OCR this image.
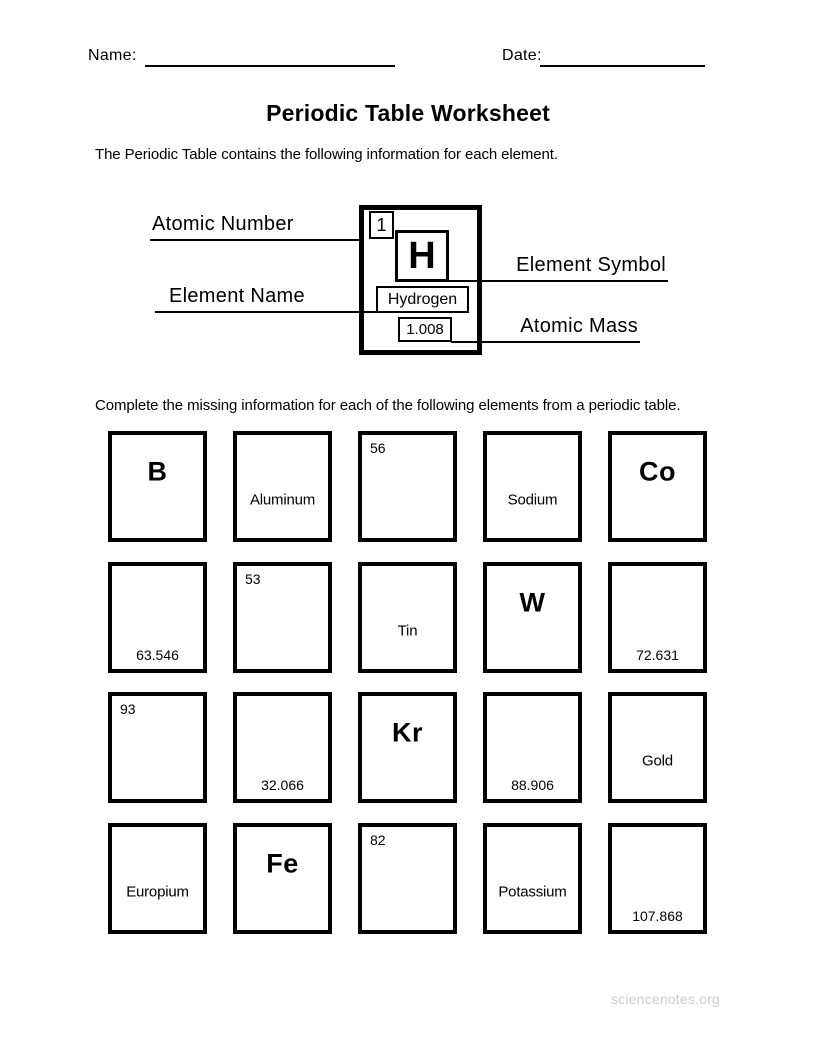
Name:	Date:
Periodic Table Worksheet
The Periodic Table contains the following information for each element.
Atomic Number
Element Symbol
Element Name
Atomic Mass
1
H
Hydrogen
1.008
Complete the missing information for each of the following elements from a periodic table.
B
Aluminum
56
Sodium
Co
63.546
53
Tin
W
72.631
93
32.066
Kr
88.906
Gold
Europium
Fe
82
Potassium
107.868
sciencenotes.org
